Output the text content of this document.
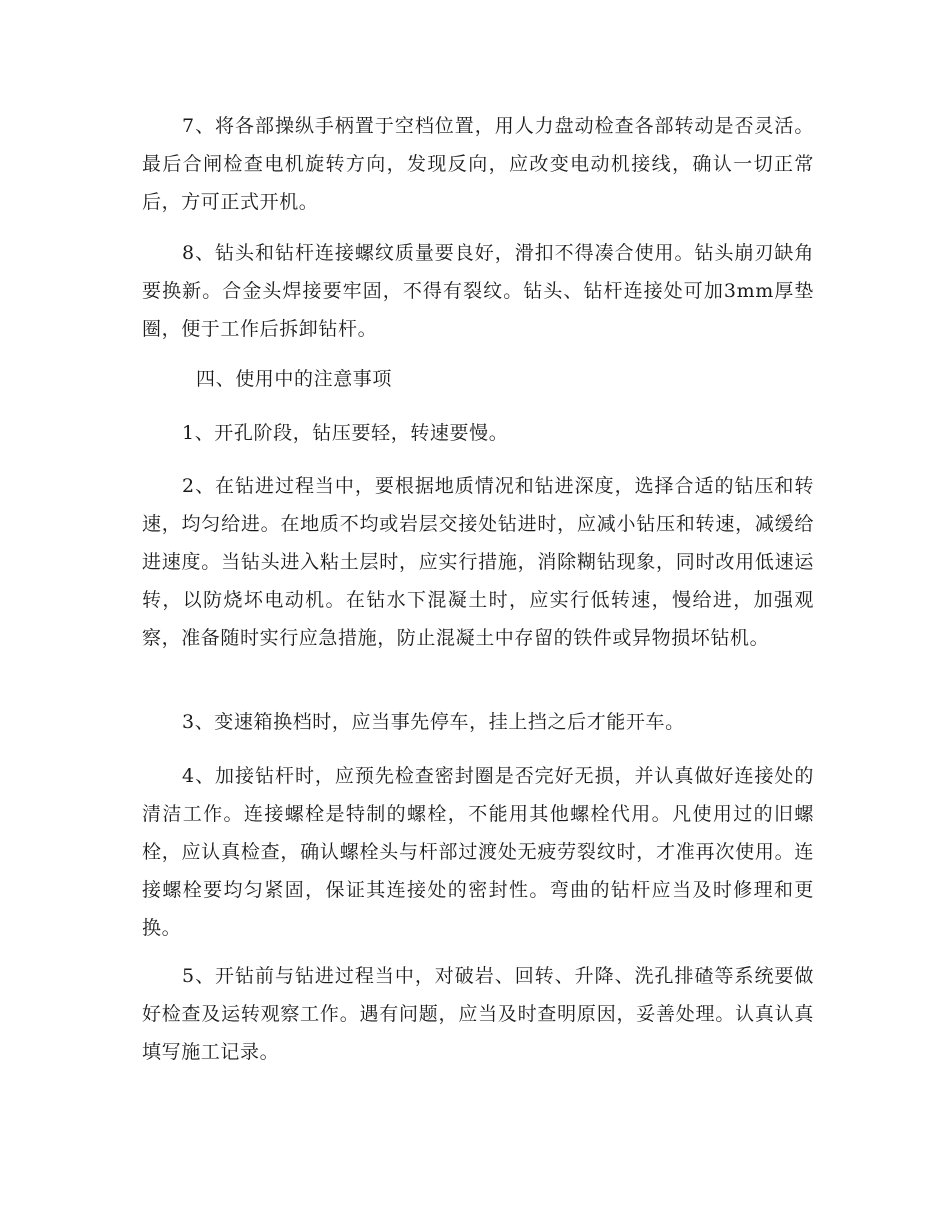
7、将各部操纵手柄置于空档位置，用人力盘动检查各部转动是否灵活。最后合闸检查电机旋转方向，发现反向，应改变电动机接线，确认一切正常后，方可正式开机。

8、钻头和钻杆连接螺纹质量要良好，滑扣不得凑合使用。钻头崩刃缺角要换新。合金头焊接要牢固，不得有裂纹。钻头、钻杆连接处可加3mm厚垫圈，便于工作后拆卸钻杆。

四、使用中的注意事项

1、开孔阶段，钻压要轻，转速要慢。

2、在钻进过程当中，要根据地质情况和钻进深度，选择合适的钻压和转速，均匀给进。在地质不均或岩层交接处钻进时，应减小钻压和转速，减缓给进速度。当钻头进入粘土层时，应实行措施，消除糊钻现象，同时改用低速运转，以防烧坏电动机。在钻水下混凝土时，应实行低转速，慢给进，加强观察，准备随时实行应急措施，防止混凝土中存留的铁件或异物损坏钻机。

3、变速箱换档时，应当事先停车，挂上挡之后才能开车。

4、加接钻杆时，应预先检查密封圈是否完好无损，并认真做好连接处的清洁工作。连接螺栓是特制的螺栓，不能用其他螺栓代用。凡使用过的旧螺栓，应认真检查，确认螺栓头与杆部过渡处无疲劳裂纹时，才准再次使用。连接螺栓要均匀紧固，保证其连接处的密封性。弯曲的钻杆应当及时修理和更换。

5、开钻前与钻进过程当中，对破岩、回转、升降、洗孔排碴等系统要做好检查及运转观察工作。遇有问题，应当及时查明原因，妥善处理。认真认真填写施工记录。
